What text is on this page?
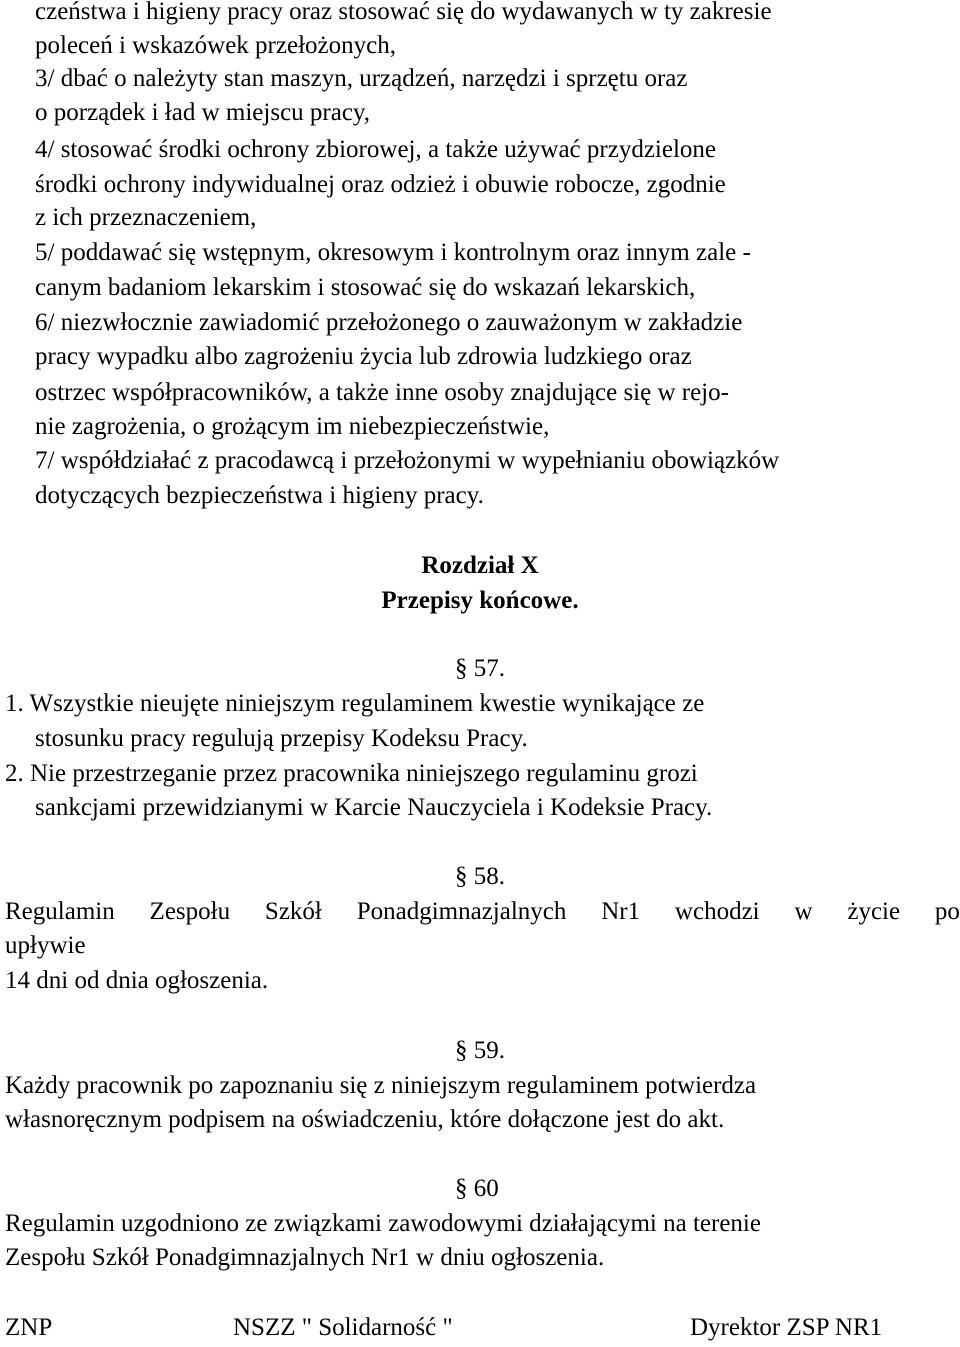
czeństwa i higieny pracy oraz stosować się do wydawanych w ty zakresie
poleceń i wskazówek przełożonych,
3/ dbać o należyty stan maszyn, urządzeń, narzędzi i sprzętu oraz
o porządek i ład w miejscu pracy,
4/ stosować środki ochrony zbiorowej, a także używać przydzielone
środki ochrony indywidualnej oraz odzież i obuwie robocze, zgodnie
z ich przeznaczeniem,
5/ poddawać się wstępnym, okresowym i kontrolnym oraz innym zale -
canym badaniom lekarskim i stosować się do wskazań lekarskich,
6/ niezwłocznie zawiadomić przełożonego o zauważonym w zakładzie
pracy wypadku albo zagrożeniu życia lub zdrowia ludzkiego oraz
ostrzec współpracowników, a także inne osoby znajdujące się w rejo-
nie zagrożenia, o grożącym im niebezpieczeństwie,
7/ współdziałać z pracodawcą i przełożonymi w wypełnianiu obowiązków
dotyczących bezpieczeństwa i higieny pracy.
Rozdział X
Przepisy końcowe.
§ 57.
1. Wszystkie nieujęte niniejszym regulaminem kwestie wynikające ze
stosunku pracy regulują przepisy Kodeksu Pracy.
2. Nie przestrzeganie przez pracownika niniejszego regulaminu grozi
sankcjami przewidzianymi w Karcie Nauczyciela i Kodeksie Pracy.
§ 58.
Regulamin Zespołu Szkół Ponadgimnazjalnych Nr1 wchodzi w życie po
upływie
14 dni od dnia ogłoszenia.
§ 59.
Każdy pracownik po zapoznaniu się z niniejszym regulaminem potwierdza
własnoręcznym podpisem na oświadczeniu, które dołączone jest do akt.
§ 60
Regulamin uzgodniono ze związkami zawodowymi działającymi na terenie
Zespołu Szkół Ponadgimnazjalnych Nr1 w dniu ogłoszenia.
ZNP	NSZZ " Solidarność "	Dyrektor ZSP NR1
